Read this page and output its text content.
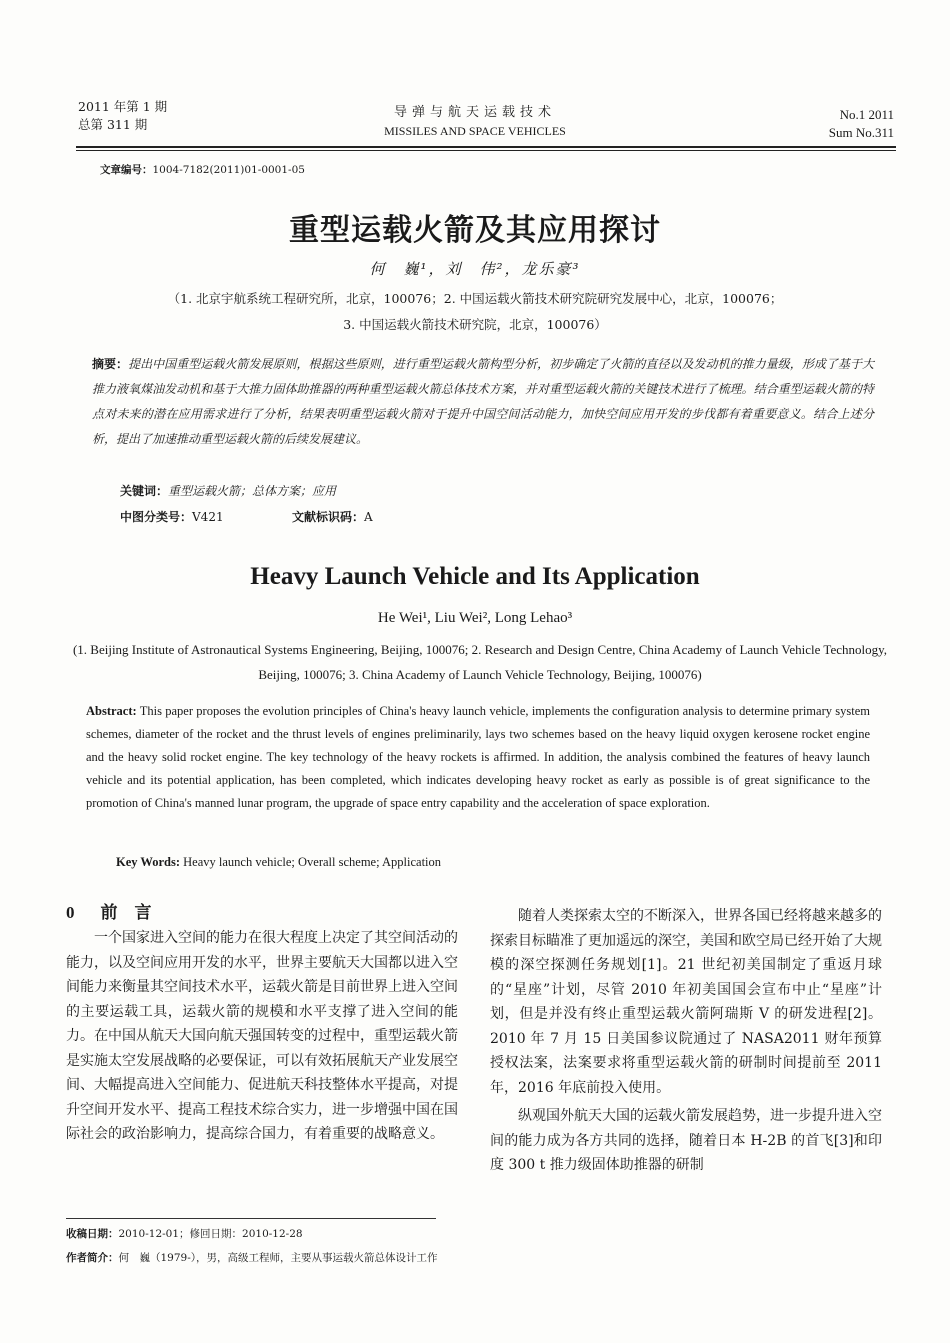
2011 年第 1 期
总第 311 期
导弹与航天运载技术
MISSILES AND SPACE VEHICLES
No.1 2011
Sum No.311
文章编号：1004-7182(2011)01-0001-05
重型运载火箭及其应用探讨
何　巍¹，刘　伟²，龙乐豪³
（1. 北京宇航系统工程研究所，北京，100076；2. 中国运载火箭技术研究院研究发展中心，北京，100076；
3. 中国运载火箭技术研究院，北京，100076）
摘要：提出中国重型运载火箭发展原则，根据这些原则，进行重型运载火箭构型分析，初步确定了火箭的直径以及发动机的推力量级，形成了基于大推力液氧煤油发动机和基于大推力固体助推器的两种重型运载火箭总体技术方案，并对重型运载火箭的关键技术进行了梳理。结合重型运载火箭的特点对未来的潜在应用需求进行了分析，结果表明重型运载火箭对于提升中国空间活动能力，加快空间应用开发的步伐都有着重要意义。结合上述分析，提出了加速推动重型运载火箭的后续发展建议。
关键词：重型运载火箭；总体方案；应用
中图分类号：V421	文献标识码：A
Heavy Launch Vehicle and Its Application
He Wei¹, Liu Wei², Long Lehao³
(1. Beijing Institute of Astronautical Systems Engineering, Beijing, 100076; 2. Research and Design Centre, China Academy of Launch Vehicle Technology, Beijing, 100076; 3. China Academy of Launch Vehicle Technology, Beijing, 100076)
Abstract: This paper proposes the evolution principles of China's heavy launch vehicle, implements the configuration analysis to determine primary system schemes, diameter of the rocket and the thrust levels of engines preliminarily, lays two schemes based on the heavy liquid oxygen kerosene rocket engine and the heavy solid rocket engine. The key technology of the heavy rockets is affirmed. In addition, the analysis combined the features of heavy launch vehicle and its potential application, has been completed, which indicates developing heavy rocket as early as possible is of great significance to the promotion of China's manned lunar program, the upgrade of space entry capability and the acceleration of space exploration.
Key Words: Heavy launch vehicle; Overall scheme; Application
0 前　言

一个国家进入空间的能力在很大程度上决定了其空间活动的能力，以及空间应用开发的水平，世界主要航天大国都以进入空间能力来衡量其空间技术水平，运载火箭是目前世界上进入空间的主要运载工具，运载火箭的规模和水平支撑了进入空间的能力。在中国从航天大国向航天强国转变的过程中，重型运载火箭是实施太空发展战略的必要保证，可以有效拓展航天产业发展空间、大幅提高进入空间能力、促进航天科技整体水平提高，对提升空间开发水平、提高工程技术综合实力，进一步增强中国在国际社会的政治影响力，提高综合国力，有着重要的战略意义。

随着人类探索太空的不断深入，世界各国已经将越来越多的探索目标瞄准了更加遥远的深空，美国和欧空局已经开始了大规模的深空探测任务规划[1]。21 世纪初美国制定了重返月球的“星座”计划，尽管 2010 年初美国国会宣布中止“星座”计划，但是并没有终止重型运载火箭阿瑞斯 V 的研发进程[2]。2010 年 7 月 15 日美国参议院通过了 NASA2011 财年预算授权法案，法案要求将重型运载火箭的研制时间提前至 2011 年，2016 年底前投入使用。

纵观国外航天大国的运载火箭发展趋势，进一步提升进入空间的能力成为各方共同的选择，随着日本 H-2B 的首飞[3]和印度 300 t 推力级固体助推器的研制

收稿日期：2010-12-01；修回日期：2010-12-28
作者简介：何　巍（1979-），男，高级工程师，主要从事运载火箭总体设计工作
